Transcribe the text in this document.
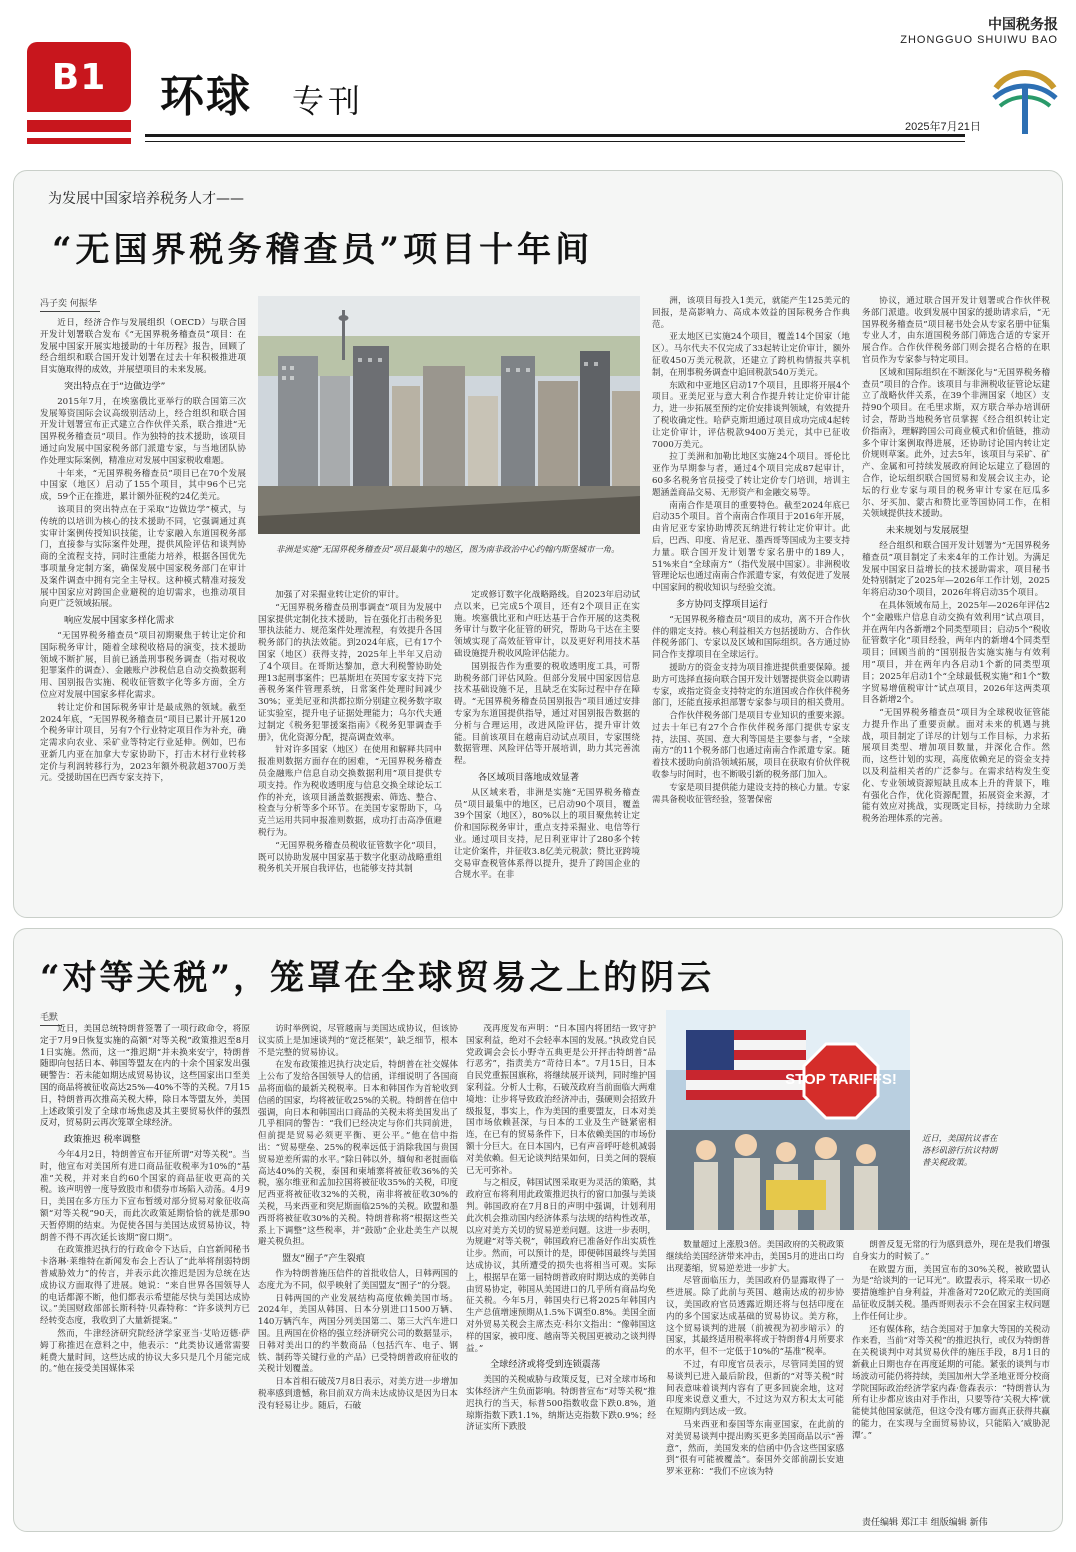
B1	环球 专刊
中国税务报
ZHONGGUO SHUIWU BAO
2025年7月21日
为发展中国家培养税务人才——
“无国界税务稽查员”项目十年间
冯子奕 何振华
非洲是实施“无国界税务稽查员”项目最集中的地区，图为南非政治中心约翰内斯堡城市一角。

近日，经济合作与发展组织（OECD）与联合国开发计划署联合发布《“无国界税务稽查员”项目：在发展中国家开展实地援助的十年历程》报告，回顾了经合组织和联合国开发计划署在过去十年积极推进项目实施取得的成效，并展望项目的未来发展。

突出特点在于“边做边学”

2015年7月，在埃塞俄比亚举行的联合国第三次发展筹资国际会议高级别活动上，经合组织和联合国开发计划署宣布正式建立合作伙伴关系，联合推进“无国界税务稽查员”项目。作为独特的技术援助，该项目通过向发展中国家税务部门派遣专家，与当地团队协作处理实际案例，精准应对发展中国家税收难题。

十年来，“无国界税务稽查员”项目已在70个发展中国家（地区）启动了155个项目，其中96个已完成，59个正在推进，累计额外征税约24亿美元。

该项目的突出特点在于采取“边做边学”模式，与传统的以培训为核心的技术援助不同，它强调通过真实审计案例传授知识技能，让专家融入东道国税务部门，直接参与实际案件处理，提供风险评估和谈判协商的全流程支持，同时注重能力培养，根据各国优先事项量身定制方案，确保发展中国家税务部门在审计及案件调查中拥有完全主导权。这种模式精准对接发展中国家应对跨国企业避税的迫切需求，也推动项目向更广泛领域拓展。

响应发展中国家多样化需求

“无国界税务稽查员”项目初期聚焦于转让定价和国际税务审计，随着全球税收格局的演变，技术援助领域不断扩展，目前已涵盖刑事税务调查（指对税收犯罪案件的调查）、金融账户涉税信息自动交换数据利用、国别报告实施、税收征管数字化等多方面，全方位应对发展中国家多样化需求。

转让定价和国际税务审计是最成熟的领域。截至2024年底，“无国界税务稽查员”项目已累计开展120个税务审计项目，另有7个行业特定项目作为补充，确定需求向农业、采矿业等特定行业延伸。例如，巴布亚新几内亚在加拿大专家协助下，打击木材行业转移定价与利润转移行为，2023年额外税款超3700万美元。受援助国在巴西专家支持下，

加强了对采掘业转让定价的审计。

“无国界税务稽查员刑事调查”项目为发展中国家提供定制化技术援助，旨在强化打击税务犯罪执法能力、规范案件处理流程，有效提升各国税务部门的执法效能。到2024年底，已有17个国家（地区）获得支持，2025年上半年又启动了4个项目。在哥斯达黎加，意大利税警协助处理13起刑事案件；巴基斯坦在英国专家支持下完善税务案件管理系统，日常案件处理时间减少30%；亚美尼亚和洪都拉斯分别建立税务数字取证实验室，提升电子证据处理能力；乌尔代夫通过制定《税务犯罪援案指南》《税务犯罪调查手册》，优化资源分配，提高调查效率。

针对许多国家（地区）在使用和解释共同申报准则数据方面存在的困难，“无国界税务稽查员金融账户信息自动交换数据利用”项目提供专项支持。作为税收透明度与信息交换全球论坛工作的补充，该项目涵盖数据搜索、筛选、整合、检查与分析等多个环节。在美国专家帮助下，乌克兰运用共同申报准则数据，成功打击高净值避税行为。

“无国界税务稽查员税收征管数字化”项目，既可以协助发展中国家基于数字化驱动战略重组税务机关开展自我评估，也能够支持其制

定或修订数字化战略路线。自2023年启动试点以来，已完成5个项目，还有2个项目正在实施。埃塞俄比亚和卢旺达基于合作开展的这类税务审计与数字化征管的研究，帮助乌干达在主要领域实现了高效征管审计，以及更好利用技术基础设施提升税收风险评估能力。

国别报告作为重要的税收透明度工具，可帮助税务部门评估风险。但部分发展中国家因信息技术基础设施不足，且缺乏在实际过程中存在障碍。“无国界税务稽查员国别报告”项目通过安排专家为东道国提供指导，通过对国别报告数据的分析与合理运用，改进风险评估，提升审计效能。目前该项目在越南启动试点项目，专家围绕数据管理、风险评估等开展培训，助力其完善流程。

各区域项目落地成效显著

从区域来看，非洲是实施“无国界税务稽查员”项目最集中的地区，已启动90个项目，覆盖39个国家（地区），80%以上的项目聚焦转让定价和国际税务审计，重点支持采掘业、电信等行业。通过项目支持，尼日利亚审计了280多个转让定价案件，并征收3.8亿美元税款；赞比亚跨境交易审查税管体系得以提升，提升了跨国企业的合规水平。在非

洲，该项目每投入1美元，就能产生125美元的回报，是高影响力、高成本效益的国际税务合作典范。

亚太地区已实施24个项目，覆盖14个国家（地区）。马尔代夫不仅完成了33起转让定价审计，额外征收450万美元税款，还建立了跨机构情报共享机制，在刑事税务调查中追回税款540万美元。

东欧和中亚地区启动17个项目，且即将开展4个项目。亚美尼亚与意大利合作提升转让定价审计能力，进一步拓展至预约定价安排谈判领域，有效提升了税收确定性。哈萨克斯坦通过项目成功完成4起转让定价审计，评估税款9400万美元，其中已征收7000万美元。

拉丁美洲和加勒比地区实施24个项目。哥伦比亚作为早期参与者，通过4个项目完成87起审计，60多名税务官员接受了转让定价专门培训，培训主题涵盖商品交易、无形资产和金融交易等。

南南合作是项目的重要特色。截至2024年底已启动35个项目。首个南南合作项目于2016年开展，由肯尼亚专家协助博茨瓦纳进行转让定价审计。此后，巴西、印度、肯尼亚、墨西哥等国成为主要支持力量。联合国开发计划署专家名册中的189人，51%来自“全球南方”（指代发展中国家）。非洲税收管理论坛也通过南南合作派遣专家，有效促进了发展中国家间的税收知识与经验交流。

多方协同支撑项目运行

“无国界税务稽查员”项目的成功，离不开合作伙伴的鼎定支持。核心利益相关方包括援助方、合作伙伴税务部门、专家以及区域和国际组织。各方通过协同合作支撑项目在全球运行。

援助方的资金支持为项目推进提供重要保障。援助方可选择直接向联合国开发计划署提供资金以聘请专家，或指定资金支持特定的东道国或合作伙伴税务部门，还能直接承担部署专家参与项目的相关费用。

合作伙伴税务部门是项目专业知识的重要来源。过去十年已有27个合作伙伴税务部门提供专家支持，法国、英国、意大利等国是主要参与者，“全球南方”的11个税务部门也通过南南合作派遣专家。随着技术援助向前沿领域拓展，项目在获取有价伙伴税收参与时间时，也不断吸引新的税务部门加入。

专家是项目提供能力建设支持的核心力量。专家需具备税收征管经验，签署保密

协议，通过联合国开发计划署或合作伙伴税务部门派遣。收到发展中国家的援助请求后，“无国界税务稽查员”项目秘书处会从专家名册中征集专业人才，由东道国税务部门筛选合适的专家开展合作。合作伙伴税务部门则会提名合格的在职官员作为专家参与特定项目。

区域和国际组织在不断深化与“无国界税务稽查员”项目的合作。该项目与非洲税收征管论坛建立了战略伙伴关系，在39个非洲国家（地区）支持90个项目。在毛里求斯，双方联合举办培训研讨会，帮助当地税务官员掌握《经合组织转让定价指南》，理解跨国公司商业模式和价值链，推动多个审计案例取得进展，还协助讨论国内转让定价规则草案。此外，过去5年，该项目与采矿、矿产、金属和可持续发展政府间论坛建立了稳固的合作，论坛组织联合国贸易和发展会议主办，论坛的行业专家与项目的税务审计专家在厄瓜多尔、牙买加、蒙古和赞比亚等国协同工作，在相关领域提供技术援助。

未来规划与发展展望

经合组织和联合国开发计划署为“无国界税务稽查员”项目制定了未来4年的工作计划。为满足发展中国家日益增长的技术援助需求，项目秘书处特别制定了2025年—2026年工作计划，2025年将启动30个项目，2026年将启动35个项目。

在具体领域布局上，2025年—2026年评估2个“金融账户信息自动交换有效利用”试点项目，并在两年内各新增2个同类型项目；启动5个“税收征管数字化”项目经验，两年内的新增4个同类型项目；回顾当前的“国别报告实施实施与有效利用”项目，并在两年内各启动1个新的同类型项目；2025年启动1个“全球最低税实施”和1个“数字贸易增值税审计”试点项目，2026年这两类项目各新增2个。

“无国界税务稽查员”项目为全球税收征管能力提升作出了重要贡献。面对未来的机遇与挑战，项目制定了详尽的计划与工作目标，力求拓展项目类型、增加项目数量，并深化合作。然而，这些计划的实现，高度依赖充足的资金支持以及利益相关者的广泛参与。在需求结构发生变化、专业领域资源短缺且成本上升的背景下，唯有强化合作，优化资源配置，拓展资金来源，才能有效应对挑战，实现既定目标，持续助力全球税务治理体系的完善。

“对等关税”，笼罩在全球贸易之上的阴云
毛默
STOP TARIFFS!
近日，美国抗议者在洛杉矶游行抗议特朗普关税政策。

近日，美国总统特朗普签署了一项行政命令，将原定于7月9日恢复实施的高额“对等关税”政策推迟至8月1日实施。然而，这一“推迟期”并未换来安宁，特朗普随即向包括日本、韩国等盟友在内的十余个国家发出强硬警告：若未能如期达成贸易协议，这些国家出口至美国的商品将被征收高达25%—40%不等的关税。7月15日，特朗普再次推高关税大棒，除日本等盟友外，美国上述政策引发了全球市场焦虑及其主要贸易伙伴的强烈反对，贸易阴云再次笼罩全球经济。

政策推迟 税率调整

今年4月2日，特朗普宣布开征所谓“对等关税”。当时，他宣布对美国所有进口商品征收税率为10%的“基准”关税，并对来自约60个国家的商品征收更高的关税。该声明曾一度导致股市和债券市场陷入动荡。4月9日，美国在多方压力下宣布暂缓对部分贸易对象征收高额“对等关税”90天，而此次政策延期恰恰的就是那90天暂停期的结束。为促使各国与美国达成贸易协议，特朗普不得不再次延长该期“窗口期”。

在政策推迟执行的行政命令下达后，白宫新闻秘书卡洛琳·莱维特在新闻发布会上否认了“此举将削弱特朗普威胁效力”的传言，并表示此次推迟是因为总统在达成协议方面取得了进展。她说：“来自世界各国领导人的电话都源不断，他们都表示希望能尽快与美国达成协议。”美国财政部部长斯科特·贝森特称：“许多谈判方已经转变态度，我收到了大量新提案。”

然而，牛津经济研究院经济学家亚当·艾哈迈德·萨姆丁称推迟在意料之中，他表示：“此类协议通常需要耗费大量时间，这些达成的协议大多只是几个月能完成的。”他在接受美国媒体采

访时举例说，尽管越南与美国达成协议，但该协议实质上是加速谈判的“宽泛框架”，缺乏细节，根本不是完整的贸易协议。

在发布政策推迟执行决定后，特朗普在社交媒体上公布了发给各国领导人的信函，详细说明了各国商品将面临的最新关税税率。日本和韩国作为首轮收到信函的国家，均将被征收25%的关税。特朗普在信中强调，向日本和韩国出口商品的关税未将美国发出了几乎相同的警告：“我们已经决定与你们共同前进，但前提是贸易必须更平衡、更公平。”他在信中指出：“贸易壁垒、25%的税率远低于消除我国与贵国贸易逆差所需的水平。”除日韩以外，缅甸和老挝面临高达40%的关税，泰国和柬埔寨将被征收36%的关税，塞尔维亚和孟加拉国将被征收35%的关税，印度尼西亚将被征收32%的关税，南非将被征收30%的关税，马来西亚和突尼斯面临25%的关税。欧盟和墨西哥将被征收30%的关税。特朗普称将“根据这些关系上下调整”这些税率，并“鼓励”企业赴美生产以规避关税负担。

盟友“囿子”产生裂痕

作为特朗普施压信件的首批收信人，日韩两国的态度尤为不同，似乎映射了美国盟友“囿子”的分裂。

日韩两国的产业发展结构高度依赖美国市场。2024年，美国从韩国、日本分别进口1500万辆、140万辆汽车，两国分列美国第二、第三大汽车进口国。且两国在价格的强立经济研究公司的数据显示，日韩对美出口的约半数商品（包括汽车、电子、钢铁、制药等关键行业的产品）已受特朗普政府征收的关税计划覆盖。

日本首相石破茂7月8日表示，对美方进一步增加税率感到遗憾，称目前双方尚未达成协议是因为日本没有轻易让步。随后，石破

茂再度发布声明：“日本国内将团结一致守护国家利益，绝对不会轻率本国的发展。”执政党自民党政调会会长小野寺五典更是公开抨击特朗普“品行恶劣”，指责美方“苛待日本”。7月15日，日本自民党重振国旗称，将继续展开谈判，同时维护国家利益。分析人士称，石破茂政府当前面临大两难境地：让步将导致政治经济冲击，强硬则会招致升级报复，事实上，作为美国的重要盟友，日本对美国市场依赖甚深，与日本的工业及生产链紧密相连，在已有的贸易条件下，日本依赖美国的市场份额十分巨大。在日本国内，已有声音呼吁趁机减弱对美依赖。但无论谈判结果如何，日美之间的裂痕已无可弥补。

与之相反，韩国试图采取更为灵活的策略，其政府宣布将利用此政策推迟执行的窗口加强与美谈判。韩国政府在7月8日的声明中强调，计划利用此次机会推动国内经济体系与法规的结构性改革，以应对美方关切的贸易逆差问题。这进一步表明，为规避“对等关税”，韩国政府已准备好作出实质性让步。然而，可以预计的是，即便韩国最终与美国达成协议，其所遭受的损失也将相当可观。实际上，根据早在第一届特朗普政府时期达成的美韩自由贸易协定，韩国从美国进口的几乎所有商品均免征关税。今年5月，韩国央行已将2025年韩国内生产总值增速预期从1.5%下调至0.8%。美国全面对外贸易关税会主席杰克·科尔文指出：“像韩国这样的国家，被印度、越南等关税国更被动之谈判得益。”

全球经济或将受到连锁震荡

美国的关税威胁与政策反复，已对全球市场和实体经济产生负面影响。特朗普宣布“对等关税”推迟执行的当天，标普500指数收盘下跌0.8%，道琼斯指数下跌1.1%，纳斯达克指数下跌0.9%；经济证实所下跌股

数量超过上涨股3倍。美国政府的关税政策继续给美国经济带来冲击，美国5月的进出口均出现萎缩，贸易逆差进一步扩大。

尽管面临压力，美国政府仍显露取得了一些进展。除了此前与英国、越南达成的初步协议，美国政府官员透露近期还将与包括印度在内的多个国家达成基础的贸易协议。美方称，这个贸易谈判的进展（前被视为初步暗示）的国家，其最终适用税率将或于特朗普4月所要求的水平，但不一定低于10%的“基准”税率。

不过，有印度官员表示，尽管同美国的贸易谈判已进入最后阶段，但新的“对等关税”时间表意味着谈判内容有了更多回旋余地，这对印度来说意义重大，不过这为双方积太太可能在短期内到达成一致。

马来西亚和泰国等东南亚国家，在此前的对美贸易谈判中提出购买更多美国商品以示“善意”，然而，美国发来的信函中仍含这些国家感到“很有可能被覆盖”。泰国外交部前副长安迪罗米亚称：“我们不应该为特

朗普反复无常的行为感到意外，现在是我们增强自身实力的时候了。”

在欧盟方面，美国宣布的30%关税，被欧盟认为是“给谈判的一记耳光”。欧盟表示，将采取一切必要措施维护自身利益，并准备对720亿欧元的美国商品征收反制关税。墨西哥则表示不会在国家主权问题上作任何让步。

还有媒体称，结合美国对于加拿大等国的关税动作来看，当前“对等关税”的推迟执行，或仅为特朗普在关税谈判中对其贸易伙伴的施压手段，8月1日的新截止日期也存在再度延期的可能。紧张的谈判与市场波动可能仍将持续，美国加州大学圣地亚哥分校商学院国际政治经济学家内森·詹森表示：“特朗普认为所有让步都应该由对手作出，只要等待‘关税大棒’就能使其他国家就范，但这令没有哪方面真正获得共赢的能力，在实现与全面贸易协议，只能陷入‘威胁泥潭’。”

责任编辑 郑江丰 组版编辑 新伟
